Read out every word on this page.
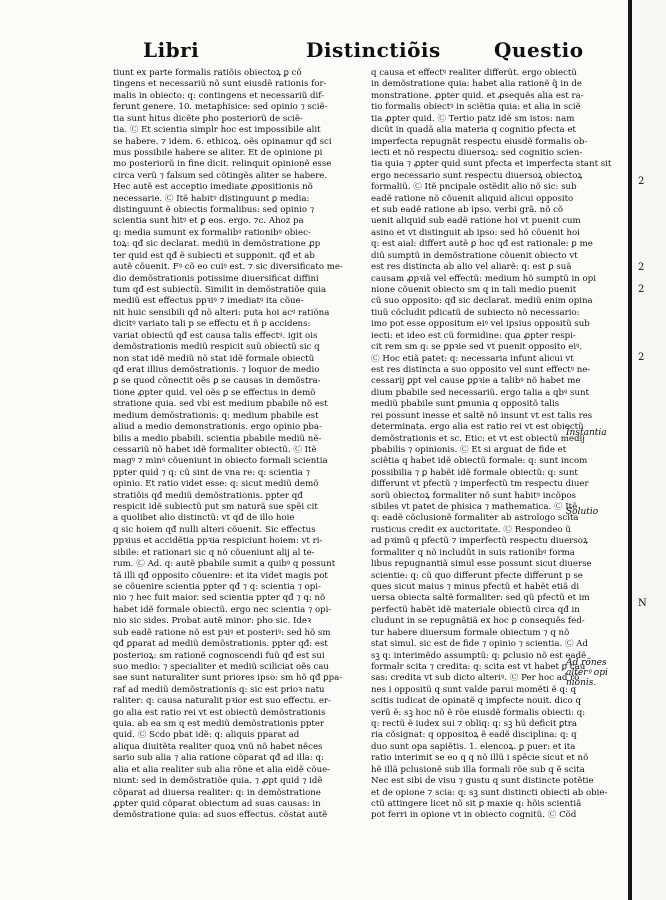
Libri	Distinctiõis	Questio
tiunt ex parte formalis ratiõis obiectoꝝ ꝑ cõ
tingens et necessariũ nõ sunt eiusdẽ rationis for-
malis in obiecto: q: contingens et necessariũ dif-
ferunt genere. 10. metaphisice: sed opinio ⁊ sciẽ-
tia sunt ĥitus dicẽte pho posteriorũ de sciẽ-
tia. Ⓒ Et scientia simplr hoc est impossibile alit
se habere. ⁊ idem. 6. ethicoꝝ. oẽs opinamur qđ sci
mus possibile habere se aliter. Et de opinione pi
mo posteriorũ in fine dicit. relinquit opinionẽ esse
circa verũ ⁊ falsum sed cõtingẽs aliter se habere.
Hec autẽ est acceptio imediate ꝓpositionis nõ
necessarie. Ⓒ Itẽ habitꝰ distinguunt ꝑ media:
distinguunt ẽ obiectis formalibus: sed opinio ⁊
scientia sunt ĥitꝰ et ꝑ eos. ergo. ⁊c. Ahoz pa
q: media sumunt ex formalibꝰ rationibꝰ obiec-
toꝝ: qđ sic declarat. mediũ in demõstratione ꝓp
ter quid est qđ ẽ subiecti et supponit. qđ et ab
autẽ cõuenit. Fꝰ cõ eo cuiꝰ est. ⁊ sic diversificato me-
dio demõstrationis potissime diuersificat diffini
tum qđ est subiectũ. Similit in demõstratiõe quia
mediũ est effectus ppꝛiꝰ ⁊ imediatꝰ ita cõue-
nit huic sensibili qđ nõ alteri: puta hoi acꝰ ratiõna
dicitꝰ variato tali p se effectu et ñ p accidens:
variat obiectũ qđ est causa talis effectꝰ. igit ois
demõstrationis mediũ respicit suũ obiectũ sic q
non stat idẽ mediũ nõ stat idẽ formale obiectũ
qđ erat illius demõstrationis. ⁊ loquor de medio
ꝑ se quod cõnectit oẽs ꝑ se causas in demõstra-
tione ꝓpter quid. vel oẽs ꝑ se effectus in demõ
stratione quia. sed vbi est medium pbabile nõ est
medium demõstrationis: q: medium pbabile est
aliud a medio demonstrationis. ergo opinio pba-
bilis a medio pbabili. scientia pbabile mediũ nẽ-
cessariũ nõ habet idẽ formaliter obiectũ. Ⓒ Itẽ
magꝰ ⁊ minꝰ cõueniunt in obiecto formali scientia
ppter quid ⁊ q: cũ sint de vna re: q: scientia ⁊
opinio. Et ratio videt esse: q: sicut mediũ demõ
stratiõis qđ mediũ demõstrationis. ppter qđ
respicit idẽ subiectũ put sm naturã sue spẽi cit
a quolibet alio distinctũ: vt qđ de illo hoie
q sic hoiem qđ nulli alteri cõuenit. Sic effectus
ppꝛius et accidẽtia ppꝛia respiciunt hoiem: vt ri-
sibile: et rationari sic q nõ cõueniunt alij al te-
rum. Ⓒ Ad. q: autẽ pbabile sumit a quibꝰ q possunt
tã illi qđ opposito cõuenire: et ita videt magis pot
se cõuenire scientia ppter qđ ⁊ q: scientia ⁊ opi-
nio ⁊ hec fuit maior. sed scientia ppter qđ ⁊ q: nõ
habet idẽ formale obiectũ. ergo nec scientia ⁊ opi-
nio sic sides. Probat autẽ minor: pho sic. Ideꝛ
sub eadẽ ratione nõ est pꝛiꝰ et posteriꝰ: sed hõ sm
qđ ꝑparat ad mediũ demõstrationis. ppter qđ: est
posterioꝝ: sm rationẽ cognoscendi fuũ qđ est sui
suo medio: ⁊ specialiter et mediũ sciliciat oẽs cau
sae sunt naturaliter sunt priores ipso: sm hõ qđ ꝑpa-
raf ad mediũ demõstrationis q: sic est prioꝛ natu
raliter: q: causa naturalit pꝛior est suo effectu. er-
go alia est ratio rei vt est obiectũ demõstrationis
quia. ab ea sm q est mediũ demõstrationis ppter
quid. Ⓒ Scdo pbat idẽ: q: aliquis pparat ad
aliqua diuitẽta realiter quoꝝ vnũ nõ habet nẽces
sario sub alia ⁊ alia ratione cõparat qđ ad illa: q:
alia et alia realiter sub alia rõne et alia eidẽ cõue-
niunt: sed in demõstratiõe quia. ⁊ ꝓpt quid ⁊ idẽ
cõparat ad diuersa realiter: q: in demõstratione
ꝓpter quid cõparat obiectum ad suas causas: in
demõstratione quia: ad suos effectus. cõstat autẽ
q causa et effectꝰ realiter differũt. ergo obiectũ
in demõstratione quia: habet alia rationẽ q̃ in de
monstratione. ꝓpter quid. et ꝓsequẽs alia est ra-
tio formalis obiectꝰ in sciẽtia quia: et alia in sciẽ
tia ꝓpter quid. Ⓒ Tertio patz idẽ sm istos: nam
dicũt in quadã alia materia q cognitio pfecta et
imperfecta repugnãt respectu eiusdẽ formalis ob-
iecti et nõ respectu diuersoꝝ: sed cognitio scien-
tia quia ⁊ ꝓpter quid sunt pfecta et imperfecta stant sit
ergo necessario sunt respectu diuersoꝝ obiectoꝝ
formaliũ. Ⓒ Itẽ pncipale ostẽdit alio nõ sic: sub
eadẽ ratione nõ cõuenit aliquid alicui opposito
et sub eadẽ ratione ab ipso. verbi grã. nõ cõ
uenit aliquid sub eadẽ ratione hoi vt puenit cum
asino et vt distinguit ab ipso: sed hõ cõuenit hoi
q: est aial: differt autẽ ꝑ hoc qđ est rationale: ꝑ me
diũ sumptũ in demõstratione cõuenit obiecto vt
est res distincta ab alio vel aliarẽ: q: est ꝑ suã
causam ꝓpꝛiã vel effectũ: medium hõ sumptũ in opi
nione cõuenit obiecto sm q in tali medio puenit
cũ suo opposito: qđ sic declarat. mediũ enim opina
tiuũ cõcludit pdicatũ de subiecto nõ necessario:
imo pot esse oppositum eiꝰ vel ipsius oppositũ sub
iecti: et ideo est cũ formidine: qua ꝓpter respi-
cit rem sm q: se ꝑpꝛie sed vt puenit opposito eiꝰ.
Ⓒ Hoc etiã patet: q: necessaria infunt alicui vt
est res distincta a suo opposito vel sunt effectꝰ ne-
cessarij ꝑpt vel cause ꝑꝑꝛie a talibꝰ nõ habet me
dium pbabile sed necessariũ. ergo talia a qbꝰ sunt
mediũ pbabile sunt ꝑmunia q oppositõ talis
rei possunt inesse et saltẽ nõ insunt vt est talis res
determinata. ergo alia est ratio rei vt est obiectũ
demõstrationis et sc. Etic: et vt est obiectũ medij
pbabilis ⁊ opinionis. Ⓒ Et si arguat de fide et
sciẽtia q habet idẽ obiectũ formale: q: sunt incom
possibilia ⁊ ꝑ habẽt idẽ formale obiectũ: q: sunt
differunt vt pfectũ ⁊ imperfectũ tm respectu diuer
sorũ obiectoꝝ formaliter nõ sunt ĥabitꝰ incõpos
sibiles vt patet de phisica ⁊ mathematica. Ⓒ Itẽ
q: eadẽ cõclusionẽ formaliter ab astrologo scita
rusticus credit ex auctoritate. Ⓒ Respondeo ũ
ad pꝛimũ q pfectũ ⁊ imperfectũ respectu diuersoꝝ
formaliter q nõ includũt in suis rationibꝰ forma
libus repugnantiã simul esse possunt sicut diuerse
scientie: q: cũ quo differunt pfecte differunt p se
ques sicut maius ⁊ minus pfectũ et habẽt etiã di
uersa obiecta saltẽ formaliter: sed qũ pfectũ et im
perfectũ habẽt idẽ materiale obiectũ circa qđ in
cludunt in se repugnãtiã ex hoc ꝑ consequẽs fed-
tur habere diuersum formale obiectum ⁊ q nõ
stat simul. sic est de fide ⁊ opinio ⁊ scientia. Ⓒ Ad
sꝫ q: interimẽdo assumptũ: q: ꝑclusio nõ est eadẽ
formalr scita ⁊ credita: q: scita est vt habet ꝑ cau
sas: credita vt sub dicto alteriꝰ. Ⓒ Per hoc ad rõ
nes i oppositũ q sunt valde parui momẽti ẽ q: q
scitis iudicat de opinatẽ q imꝑfecte nouit. dico q
verũ ẽ: sꝫ hoc nõ ẽ rõe eiusdẽ formalis obiecti: q:
q: rectũ ẽ iudex sui ⁊ obliq: q: sꝫ hũ deficit ꝑtra
ria cõsignat: q oppositoꝝ ẽ eadẽ disciplina: q: q
duo sunt opa sapiẽtis. 1. elencoꝝ. ꝑ puer: et ita
ratio interimit se eo q q nõ illũ i spẽcie sicut et nõ
hẽ illã pclusionẽ sub illa formali rõe sub q ẽ scita
Nec est sibi de visu ⁊ gustu q sunt distincte potẽtie
et de opione ⁊ scia: q: sꝫ sunt distincti obiecti ab obie-
ctũ attingere licet nõ sit ꝑ maxie q: hõis scientiã
pot ferri in opione vt in obiecto cognitũ. Ⓒ Cõd
Instantia
Solutio
Ad rõnes
alterꝰ opi
nionis.
2
2
2
2
N
